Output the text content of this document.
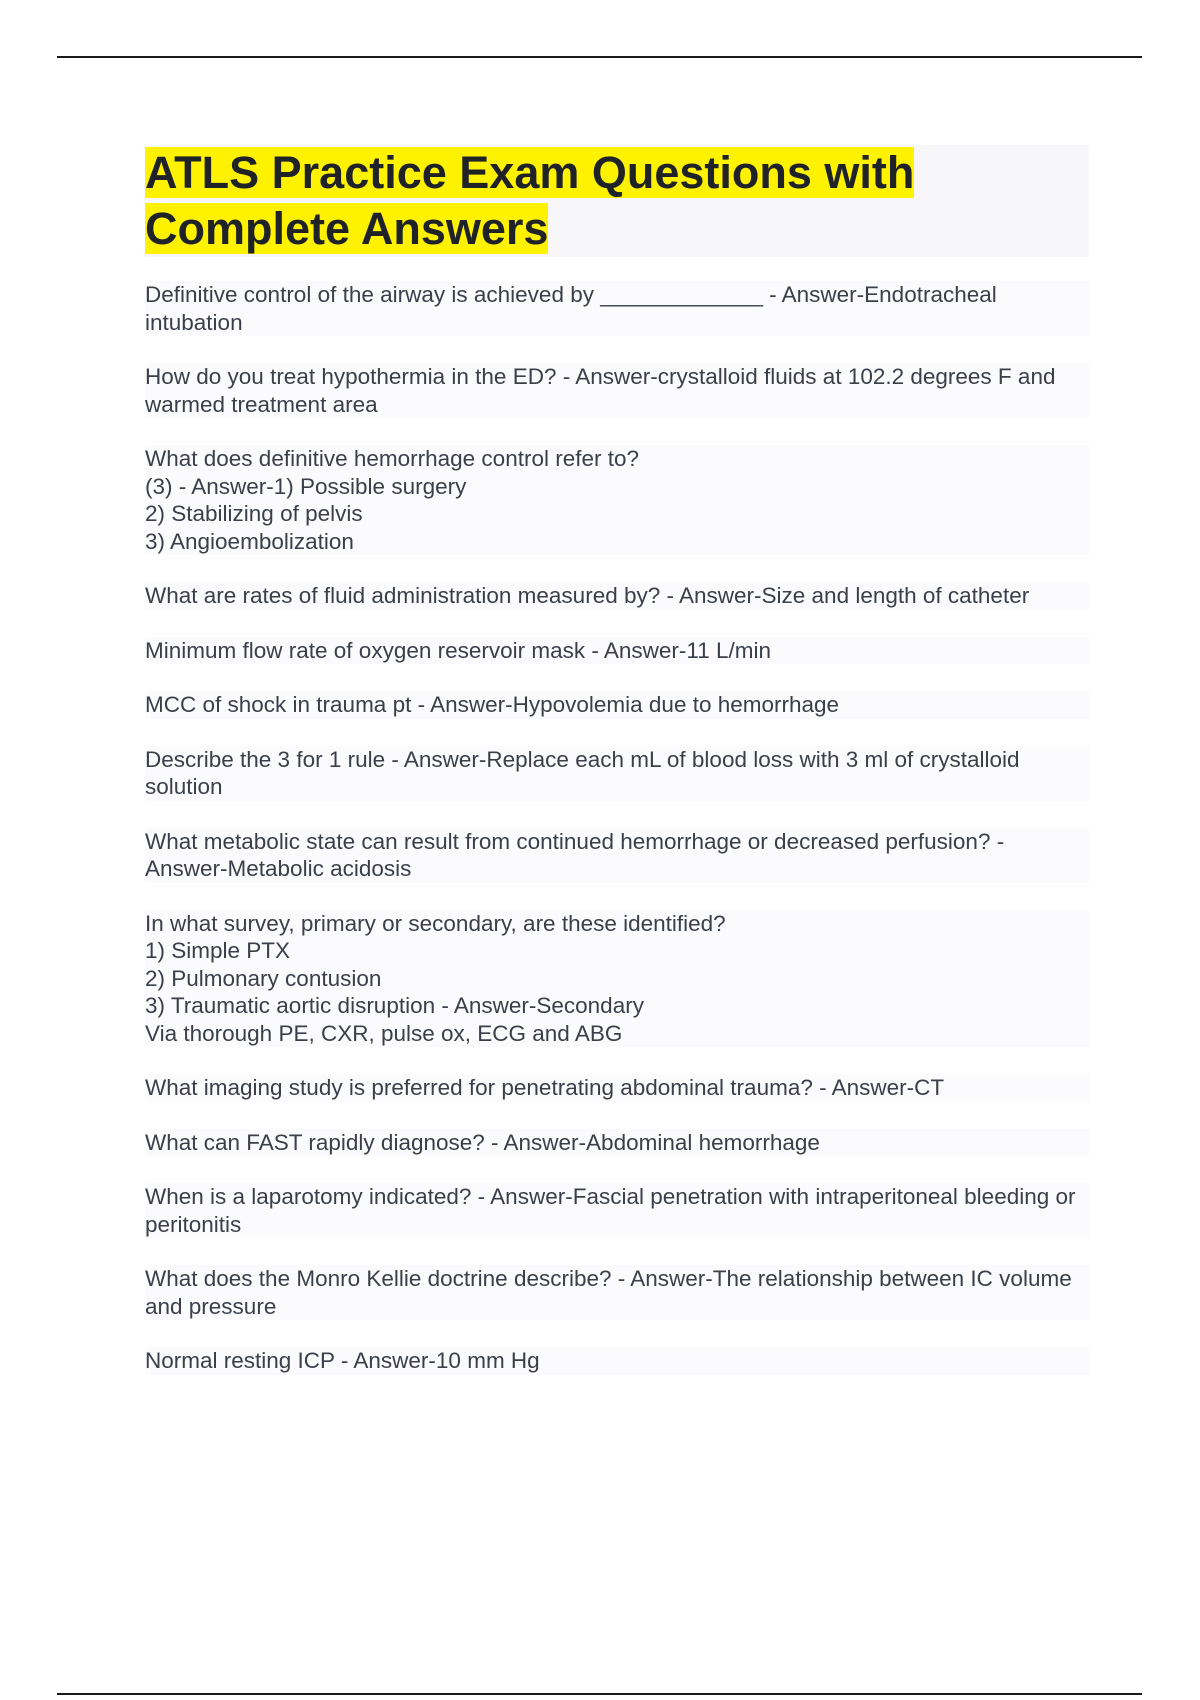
ATLS Practice Exam Questions with Complete Answers

Definitive control of the airway is achieved by _____________ - Answer-Endotracheal intubation

How do you treat hypothermia in the ED? - Answer-crystalloid fluids at 102.2 degrees F and warmed treatment area

What does definitive hemorrhage control refer to?
(3) - Answer-1) Possible surgery
2) Stabilizing of pelvis
3) Angioembolization

What are rates of fluid administration measured by? - Answer-Size and length of catheter

Minimum flow rate of oxygen reservoir mask - Answer-11 L/min

MCC of shock in trauma pt - Answer-Hypovolemia due to hemorrhage

Describe the 3 for 1 rule - Answer-Replace each mL of blood loss with 3 ml of crystalloid solution

What metabolic state can result from continued hemorrhage or decreased perfusion? - Answer-Metabolic acidosis

In what survey, primary or secondary, are these identified?
1) Simple PTX
2) Pulmonary contusion
3) Traumatic aortic disruption - Answer-Secondary
Via thorough PE, CXR, pulse ox, ECG and ABG

What imaging study is preferred for penetrating abdominal trauma? - Answer-CT

What can FAST rapidly diagnose? - Answer-Abdominal hemorrhage

When is a laparotomy indicated? - Answer-Fascial penetration with intraperitoneal bleeding or peritonitis

What does the Monro Kellie doctrine describe? - Answer-The relationship between IC volume and pressure

Normal resting ICP - Answer-10 mm Hg
